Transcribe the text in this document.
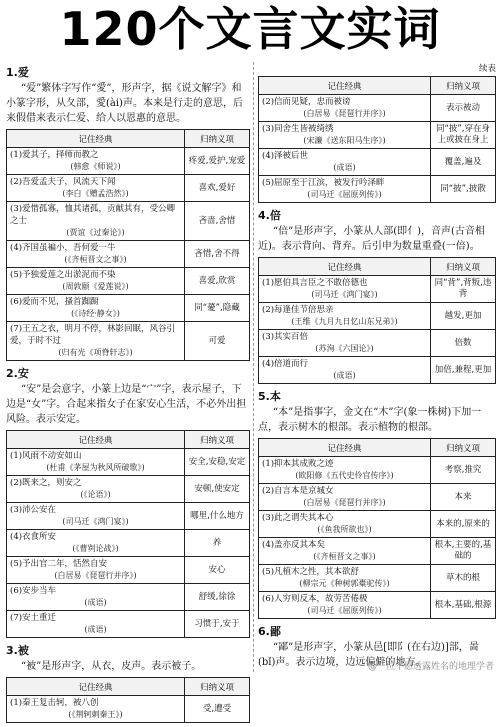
120个文言文实词
1.爱
“爱”繁体字写作“愛”，形声字，据《说文解字》和小篆字形，从夂部，愛(ài)声。本来是行走的意思，后来假借来表示仁爱、给人以恩惠的意思。
记住经典	归纳义项
(1)爱其子，择师而教之
(韩愈《师说》)	疼爱,爱护,宠爱
(2)吾爱孟夫子，风流天下闻
(李白《赠孟浩然》)	喜欢,爱好
(3)爱惜孤寡，恤其诸孤，贡献其有，受公卿之士
(贾谊《过秦论》)	吝啬,舍惜
(4)齐国虽褊小，吾何爱一牛
(《齐桓晋文之事》)	吝惜,舍不得
(5)予独爱莲之出淤泥而不染
(周敦颐《爱莲说》)	喜爱,欣赏
(6)爱而不见，搔首踟蹰
(《诗经·静女》)	同“薆”,隐藏
(7)王五之衣，明月不停，林影回眠，风谷引爱，于时不过
(归有光《项脊轩志》)	可爱
2.安
“安”是会意字，小篆上边是“宀”字，表示屋子，下边是“女”字。合起来指女子在家安心生活，不必外出担风险。表示安定。
记住经典	归纳义项
(1)风雨不动安如山
(杜甫《茅屋为秋风所破歌》)	安全,安稳,安定
(2)既来之，则安之
(《论语》)	安顿,使安定
(3)沛公安在
(司马迁《鸿门宴》)	哪里,什么地方
(4)衣食所安
(《曹刿论战》)	养
(5)予出官二年，恬然自安
(白居易《琵琶行并序》)	安心
(6)安步当车
(成语)	舒缓,徐徐
(7)安土重迁
(成语)	习惯于,安于
3.被
“被”是形声字，从衣，皮声。表示被子。
记住经典	归纳义项
(1)秦王复击轲，被八创
(《荆轲刺秦王》)	受,遭受
续表
记住经典	归纳义项
(2)信而见疑，忠而被谤
(白居易《琵琶行并序》)	表示被动
(3)同舍生皆被绮绣
(宋濂《送东阳马生序》)	同“披”,穿在身上或披在身上
(4)泽被后世
(成语)	覆盖,遍及
(5)屈原至于江滨，被发行吟泽畔
(司马迁《屈原列传》)	同“披”,披散
4.倍
“倍”是形声字，小篆从人部(即亻)，音声(古音相近)。表示背向、背弃。后引申为数量重叠(一倍)。
记住经典	归纳义项
(1)愿伯具言臣之不敢倍德也
(司马迁《鸿门宴》)	同“背”,背叛,违背
(2)每逢佳节倍思亲
(王维《九月九日忆山东兄弟》)	越发,更加
(3)其实百倍
(苏洵《六国论》)	倍数
(4)倍道而行
(成语)	加倍,兼程,更加
5.本
“本”是指事字，金文在“木”字(象一株树)下加一点，表示树木的根部。表示植物的根部。
记住经典	归纳义项
(1)抑本其成败之迹
(欧阳修《五代史伶官传序》)	考察,推究
(2)自言本是京城女
(白居易《琵琶行并序》)	本来
(3)此之谓失其本心
(《鱼我所欲也》)	本来的,原来的
(4)盖亦反其本矣
(《齐桓晋文之事》)	根本,主要的,基础的
(5)凡植木之性，其本欲舒
(柳宗元《种树郭橐驼传》)	草木的根
(6)人穷则反本，故劳苦倦极
(司马迁《屈原列传》)	根本,基础,根源
6.鄙
“鄙”是形声字，小篆从邑[即阝(在右边)]部，啚(bǐ)声。表示边境，边远偏僻的地方。
@一位不愿透露姓名的地理学者
